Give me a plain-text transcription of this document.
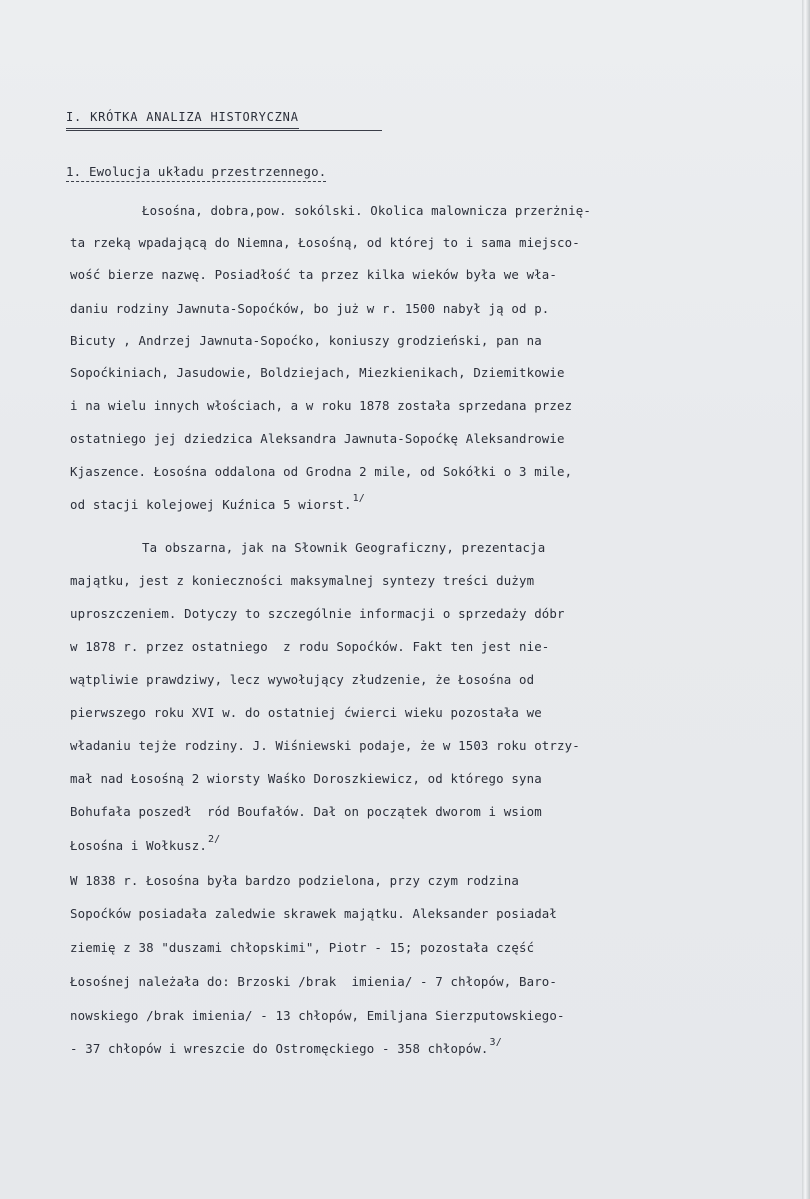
I. KRÓTKA ANALIZA HISTORYCZNA

1. Ewolucja układu przestrzennego.

Łosośna, dobra,pow. sokólski. Okolica malownicza przerżnię-

ta rzeką wpadającą do Niemna, Łosośną, od której to i sama miejsco-

wość bierze nazwę. Posiadłość ta przez kilka wieków była we wła-

daniu rodziny Jawnuta-Sopoćków, bo już w r. 1500 nabył ją od p.

Bicuty , Andrzej Jawnuta-Sopoćko, koniuszy grodzieński, pan na

Sopoćkiniach, Jasudowie, Boldziejach, Miezkienikach, Dziemitkowie

i na wielu innych włościach, a w roku 1878 została sprzedana przez

ostatniego jej dziedzica Aleksandra Jawnuta-Sopoćkę Aleksandrowie

Kjaszence. Łosośna oddalona od Grodna 2 mile, od Sokółki o 3 mile,

od stacji kolejowej Kuźnica 5 wiorst.$^{1/}$

Ta obszarna, jak na Słownik Geograficzny, prezentacja

majątku, jest z konieczności maksymalnej syntezy treści dużym

uproszczeniem. Dotyczy to szczególnie informacji o sprzedaży dóbr

w 1878 r. przez ostatniego  z rodu Sopoćków. Fakt ten jest nie-

wątpliwie prawdziwy, lecz wywołujący złudzenie, że Łosośna od

pierwszego roku XVI w. do ostatniej ćwierci wieku pozostała we

władaniu tejże rodziny. J. Wiśniewski podaje, że w 1503 roku otrzy-

mał nad Łosośną 2 wiorsty Waśko Doroszkiewicz, od którego syna

Bohufała poszedł  ród Boufałów. Dał on początek dworom i wsiom

Łosośna i Wołkusz.$^{2/}$

W 1838 r. Łosośna była bardzo podzielona, przy czym rodzina

Sopoćków posiadała zaledwie skrawek majątku. Aleksander posiadał

ziemię z 38 "duszami chłopskimi", Piotr - 15; pozostała część

Łosośnej należała do: Brzoski /brak  imienia/ - 7 chłopów, Baro-

nowskiego /brak imienia/ - 13 chłopów, Emiljana Sierzputowskiego-

- 37 chłopów i wreszcie do Ostromęckiego - 358 chłopów.$^{3/}$
